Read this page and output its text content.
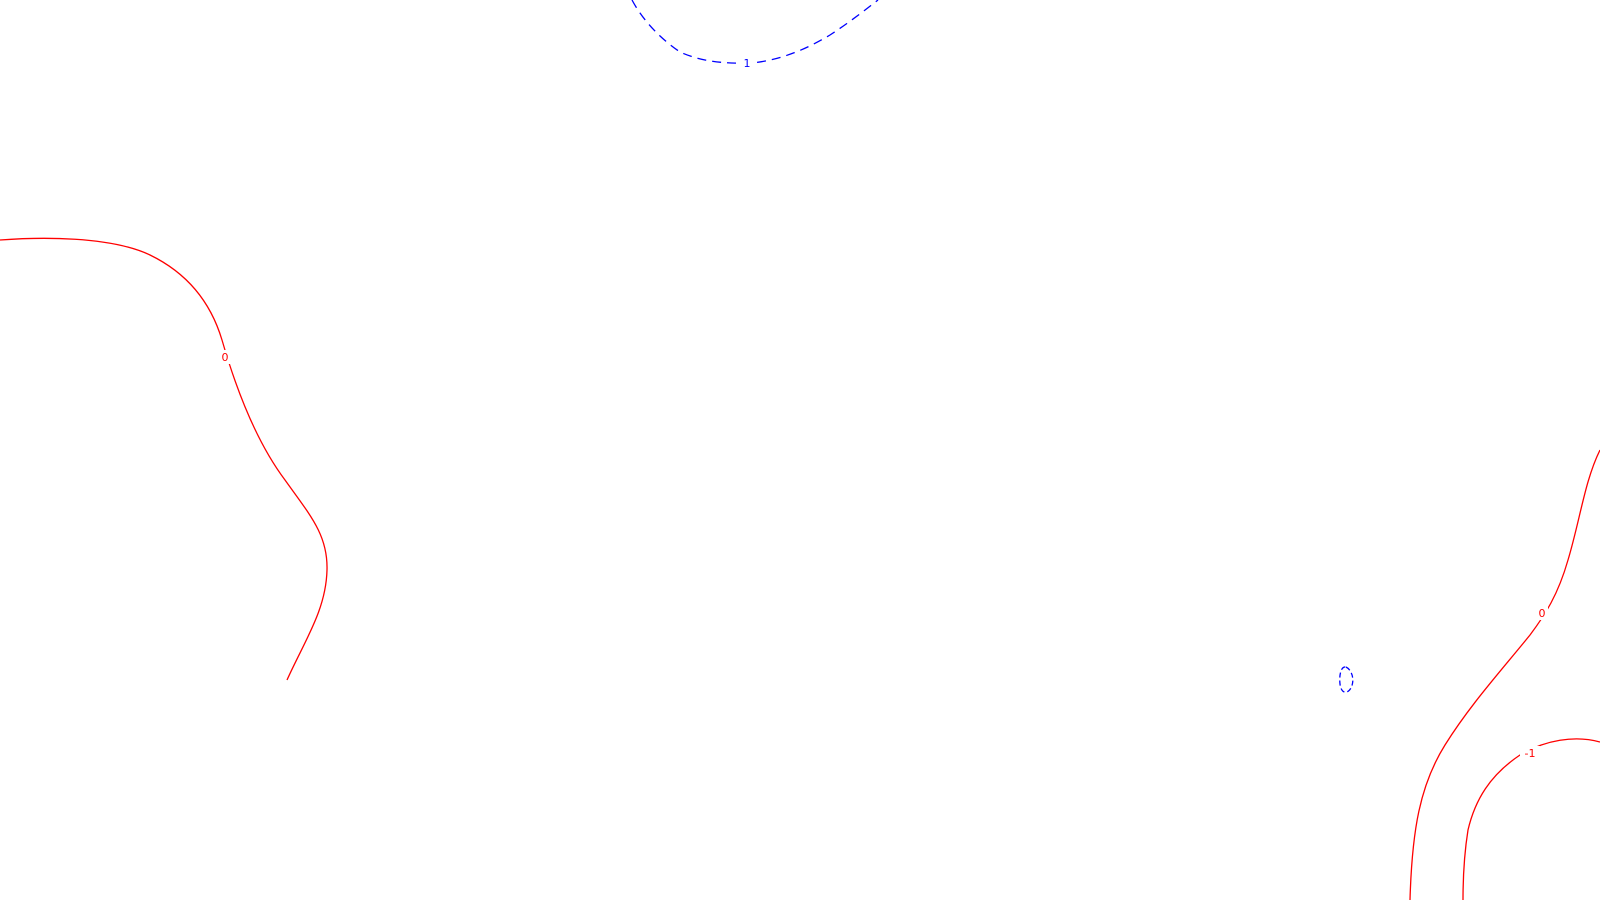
1
0
0
-1
